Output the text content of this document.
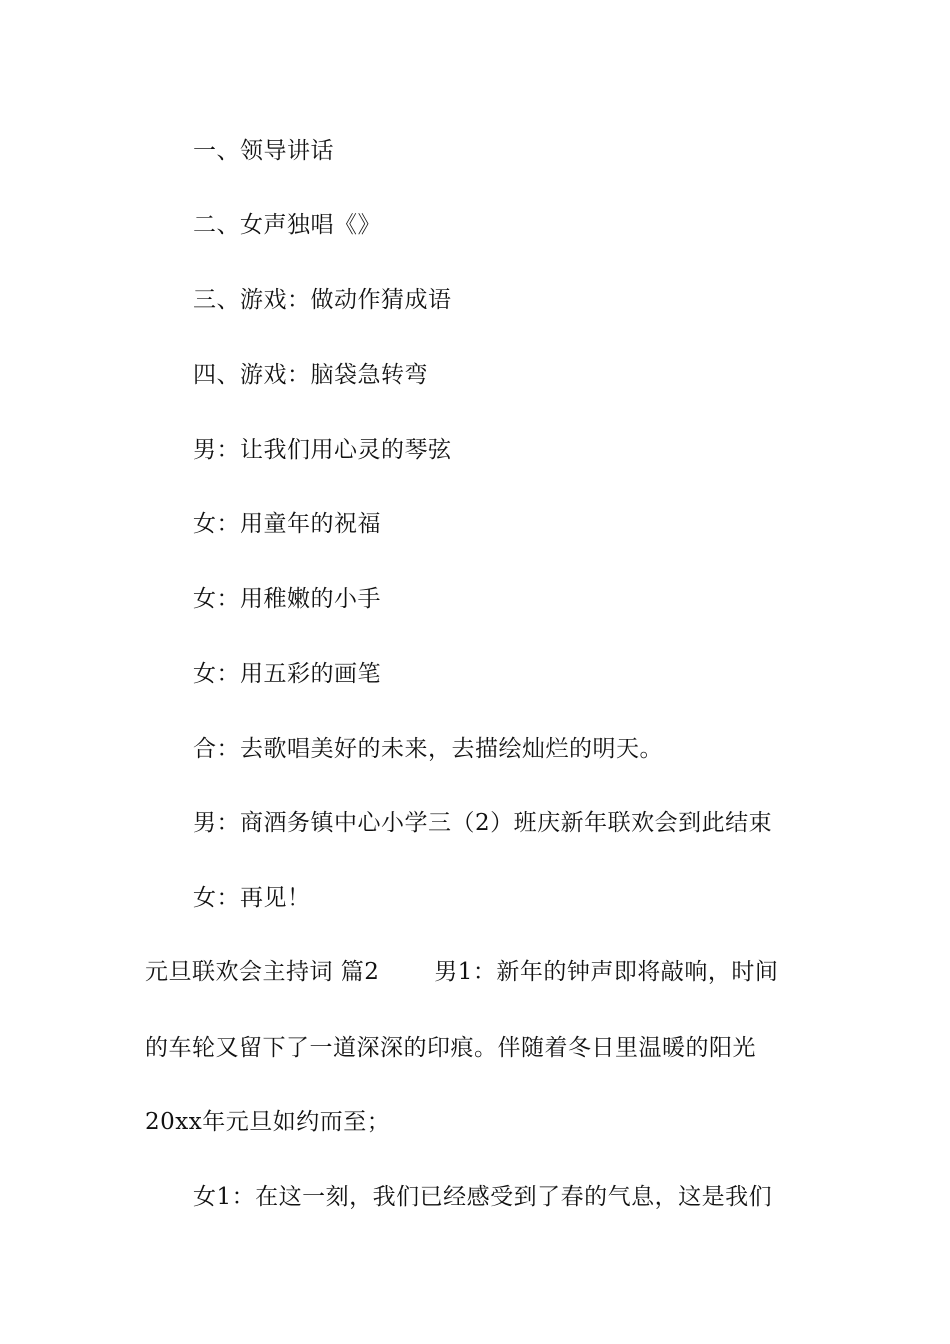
一、领导讲话
二、女声独唱《》
三、游戏：做动作猜成语
四、游戏：脑袋急转弯
男：让我们用心灵的琴弦
女：用童年的祝福
女：用稚嫩的小手
女：用五彩的画笔
合：去歌唱美好的未来，去描绘灿烂的明天。
男：商酒务镇中心小学三（2）班庆新年联欢会到此结束
女：再见！
元旦联欢会主持词 篇2　　 男1：新年的钟声即将敲响，时间
的车轮又留下了一道深深的印痕。伴随着冬日里温暖的阳光
20xx年元旦如约而至；
女1：在这一刻，我们已经感受到了春的气息，这是我们
